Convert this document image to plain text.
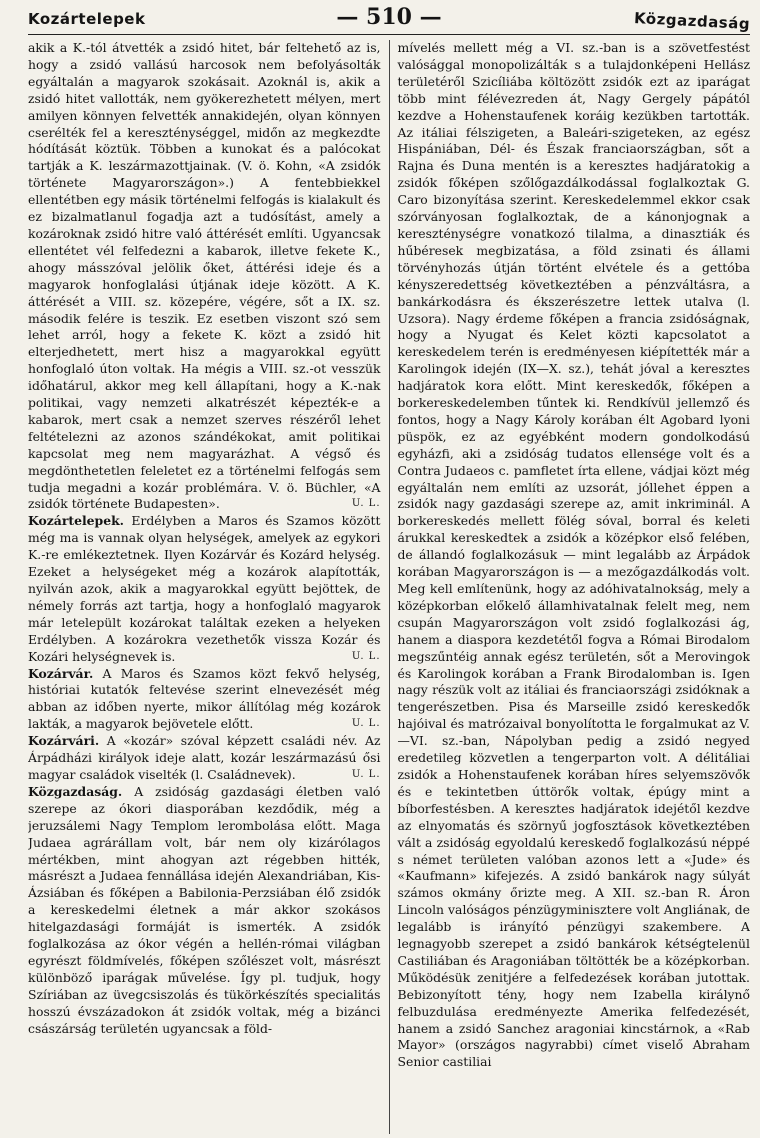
Kozártelepek	— 510 —	Közgazdaság

akik a K.-tól átvették a zsidó hitet, bár feltehető az is, hogy a zsidó vallású harcosok nem befolyásolták egyáltalán a magyarok szokásait. Azoknál is, akik a zsidó hitet vallották, nem gyökerezhetett mélyen, mert amilyen könnyen felvették annakidején, olyan könnyen cserélték fel a kereszténységgel, midőn az megkezdte hódítását köztük. Többen a kunokat és a palócokat tartják a K. leszármazottjainak. (V. ö. Kohn, «A zsidók története Magyarországon».) A fentebbiekkel ellentétben egy másik történelmi felfogás is kialakult és ez bizalmatlanul fogadja azt a tudósítást, amely a kozároknak zsidó hitre való áttérését említi. Ugyancsak ellentétet vél felfedezni a kabarok, illetve fekete K., ahogy másszóval jelölik őket, áttérési ideje és a magyarok honfoglalási útjának ideje között. A K. áttérését a VIII. sz. közepére, végére, sőt a IX. sz. második felére is teszik. Ez esetben viszont szó sem lehet arról, hogy a fekete K. közt a zsidó hit elterjedhetett, mert hisz a magyarokkal együtt honfoglaló úton voltak. Ha mégis a VIII. sz.-ot vesszük időhatárul, akkor meg kell állapítani, hogy a K.-nak politikai, vagy nemzeti alkatrészét képezték-e a kabarok, mert csak a nemzet szerves részéről lehet feltételezni az azonos szándékokat, amit politikai kapcsolat meg nem magyarázhat. A végső és megdönthetetlen feleletet ez a történelmi felfogás sem tudja megadni a kozár problémára. V. ö. Büchler, «A zsidók története Budapesten».	U. L.

Kozártelepek. Erdélyben a Maros és Szamos között még ma is vannak olyan helységek, amelyek az egykori K.-re emlékeztetnek. Ilyen Kozárvár és Kozárd helység. Ezeket a helységeket még a kozárok alapították, nyilván azok, akik a magyarokkal együtt bejöttek, de némely forrás azt tartja, hogy a honfoglaló magyarok már letelepült kozárokat találtak ezeken a helyeken Erdélyben. A kozárokra vezethetők vissza Kozár és Kozári helységnevek is.	U. L.

Kozárvár. A Maros és Szamos közt fekvő helység, históriai kutatók feltevése szerint elnevezését még abban az időben nyerte, mikor állítólag még kozárok lakták, a magyarok bejövetele előtt.	U. L.

Kozárvári. A «kozár» szóval képzett családi név. Az Árpádházi királyok ideje alatt, kozár leszármazású ősi magyar családok viselték (l. Családnevek).	U. L.

Közgazdaság. A zsidóság gazdasági életben való szerepe az ókori diasporában kezdődik, még a jeruzsálemi Nagy Templom lerombolása előtt. Maga Judaea agrárállam volt, bár nem oly kizárólagos mértékben, mint ahogyan azt régebben hitték, másrészt a Judaea fennállása idején Alexandriában, Kis-Ázsiában és főképen a Babilonia-Perzsiában élő zsidók a kereskedelmi életnek a már akkor szokásos hitelgazdasági formáját is ismerték. A zsidók foglalkozása az ókor végén a hellén-római világban egyrészt földmívelés, főképen szőlészet volt, másrészt különböző iparágak művelése. Így pl. tudjuk, hogy Szíriában az üvegcsiszolás és tükörkészítés specialitás hosszú évszázadokon át zsidók voltak, még a bizánci császárság területén ugyancsak a föld-

mívelés mellett még a VI. sz.-ban is a szövetfestést valósággal monopolizálták s a tulajdonképeni Hellász területéről Szicíliába költözött zsidók ezt az iparágat több mint félévezreden át, Nagy Gergely pápától kezdve a Hohenstaufenek koráig kezükben tartották. Az itáliai félszigeten, a Baleári-szigeteken, az egész Hispániában, Dél- és Észak franciaországban, sőt a Rajna és Duna mentén is a keresztes hadjáratokig a zsidók főképen szőlőgazdálkodással foglalkoztak G. Caro bizonyítása szerint. Kereskedelemmel ekkor csak szórványosan foglalkoztak, de a kánonjognak a kereszténységre vonatkozó tilalma, a dinasztiák és hűbéresek megbizatása, a föld zsinati és állami törvényhozás útján történt elvétele és a gettóba kényszeredettség következtében a pénzváltásra, a bankárkodásra és ékszerészetre lettek utalva (l. Uzsora). Nagy érdeme főképen a francia zsidóságnak, hogy a Nyugat és Kelet közti kapcsolatot a kereskedelem terén is eredményesen kiépítették már a Karolingok idején (IX—X. sz.), tehát jóval a keresztes hadjáratok kora előtt. Mint kereskedők, főképen a borkereskedelemben tűntek ki. Rendkívül jellemző és fontos, hogy a Nagy Károly korában élt Agobard lyoni püspök, ez az egyébként modern gondolkodású egyházfi, aki a zsidóság tudatos ellensége volt és a Contra Judaeos c. pamfletet írta ellene, vádjai közt még egyáltalán nem említi az uzsorát, jóllehet éppen a zsidók nagy gazdasági szerepe az, amit inkriminál. A borkereskedés mellett fölég sóval, borral és keleti árukkal kereskedtek a zsidók a középkor első felében, de állandó foglalkozásuk — mint legalább az Árpádok korában Magyarországon is — a mezőgazdálkodás volt. Meg kell említenünk, hogy az adóhivatalnokság, mely a középkorban előkelő államhivatalnak felelt meg, nem csupán Magyarországon volt zsidó foglalkozási ág, hanem a diaspora kezdetétől fogva a Római Birodalom megszűntéig annak egész területén, sőt a Merovingok és Karolingok korában a Frank Birodalomban is. Igen nagy részük volt az itáliai és franciaországi zsidóknak a tengerészetben. Pisa és Marseille zsidó kereskedők hajóival és matrózaival bonyolította le forgalmukat az V.—VI. sz.-ban, Nápolyban pedig a zsidó negyed eredetileg közvetlen a tengerparton volt. A délitáliai zsidók a Hohenstaufenek korában híres selyemszövők és e tekintetben úttörők voltak, épúgy mint a bíborfestésben. A keresztes hadjáratok idejétől kezdve az elnyomatás és szörnyű jogfosztások következtében vált a zsidóság egyoldalú kereskedő foglalkozású néppé s német területen valóban azonos lett a «Jude» és «Kaufmann» kifejezés. A zsidó bankárok nagy súlyát számos okmány őrizte meg. A XII. sz.-ban R. Áron Lincoln valóságos pénzügyminisztere volt Angliának, de legalább is irányító pénzügyi szakembere. A legnagyobb szerepet a zsidó bankárok kétségtelenül Castiliában és Aragoniában töltötték be a középkorban. Működésük zenitjére a felfedezések korában jutottak. Bebizonyított tény, hogy nem Izabella királynő felbuzdulása eredményezte Amerika felfedezését, hanem a zsidó Sanchez aragoniai kincstárnok, a «Rab Mayor» (országos nagyrabbi) címet viselő Abraham Senior castiliai
